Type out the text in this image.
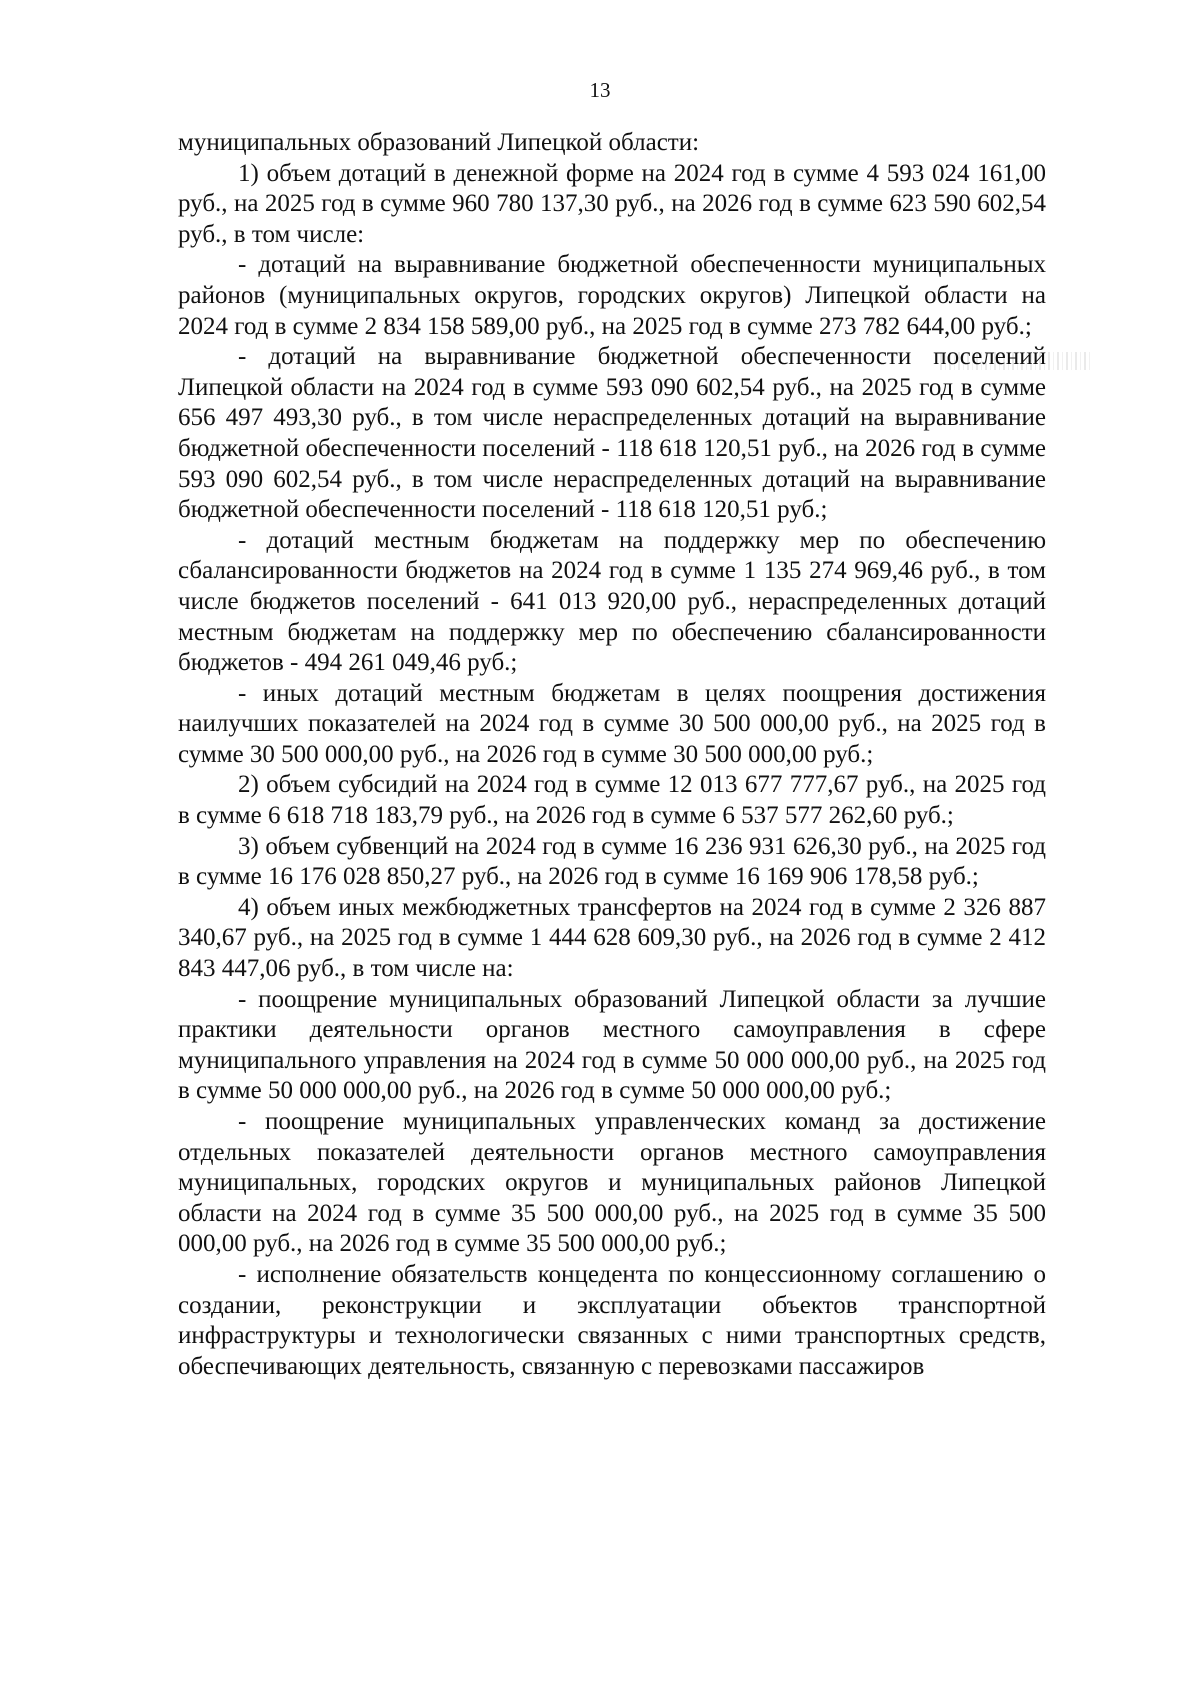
13

муниципальных образований Липецкой области:

1) объем дотаций в денежной форме на 2024 год в сумме 4 593 024 161,00 руб., на 2025 год в сумме 960 780 137,30 руб., на 2026 год в сумме 623 590 602,54 руб., в том числе:

- дотаций на выравнивание бюджетной обеспеченности муниципальных районов (муниципальных округов, городских округов) Липецкой области на 2024 год в сумме 2 834 158 589,00 руб., на 2025 год в сумме 273 782 644,00 руб.;

- дотаций на выравнивание бюджетной обеспеченности поселений Липецкой области на 2024 год в сумме 593 090 602,54 руб., на 2025 год в сумме 656 497 493,30 руб., в том числе нераспределенных дотаций на выравнивание бюджетной обеспеченности поселений - 118 618 120,51 руб., на 2026 год в сумме 593 090 602,54 руб., в том числе нераспределенных дотаций на выравнивание бюджетной обеспеченности поселений - 118 618 120,51 руб.;

- дотаций местным бюджетам на поддержку мер по обеспечению сбалансированности бюджетов на 2024 год в сумме 1 135 274 969,46 руб., в том числе бюджетов поселений - 641 013 920,00 руб., нераспределенных дотаций местным бюджетам на поддержку мер по обеспечению сбалансированности бюджетов - 494 261 049,46 руб.;

- иных дотаций местным бюджетам в целях поощрения достижения наилучших показателей на 2024 год в сумме 30 500 000,00 руб., на 2025 год в сумме 30 500 000,00 руб., на 2026 год в сумме 30 500 000,00 руб.;

2) объем субсидий на 2024 год в сумме 12 013 677 777,67 руб., на 2025 год в сумме 6 618 718 183,79 руб., на 2026 год в сумме 6 537 577 262,60 руб.;

3) объем субвенций на 2024 год в сумме 16 236 931 626,30 руб., на 2025 год в сумме 16 176 028 850,27 руб., на 2026 год в сумме 16 169 906 178,58 руб.;

4) объем иных межбюджетных трансфертов на 2024 год в сумме 2 326 887 340,67 руб., на 2025 год в сумме 1 444 628 609,30 руб., на 2026 год в сумме 2 412 843 447,06 руб., в том числе на:

- поощрение муниципальных образований Липецкой области за лучшие практики деятельности органов местного самоуправления в сфере муниципального управления на 2024 год в сумме 50 000 000,00 руб., на 2025 год в сумме 50 000 000,00 руб., на 2026 год в сумме 50 000 000,00 руб.;

- поощрение муниципальных управленческих команд за достижение отдельных показателей деятельности органов местного самоуправления муниципальных, городских округов и муниципальных районов Липецкой области на 2024 год в сумме 35 500 000,00 руб., на 2025 год в сумме 35 500 000,00 руб., на 2026 год в сумме 35 500 000,00 руб.;

- исполнение обязательств концедента по концессионному соглашению о создании, реконструкции и эксплуатации объектов транспортной инфраструктуры и технологически связанных с ними транспортных средств, обеспечивающих деятельность, связанную с перевозками пассажиров
